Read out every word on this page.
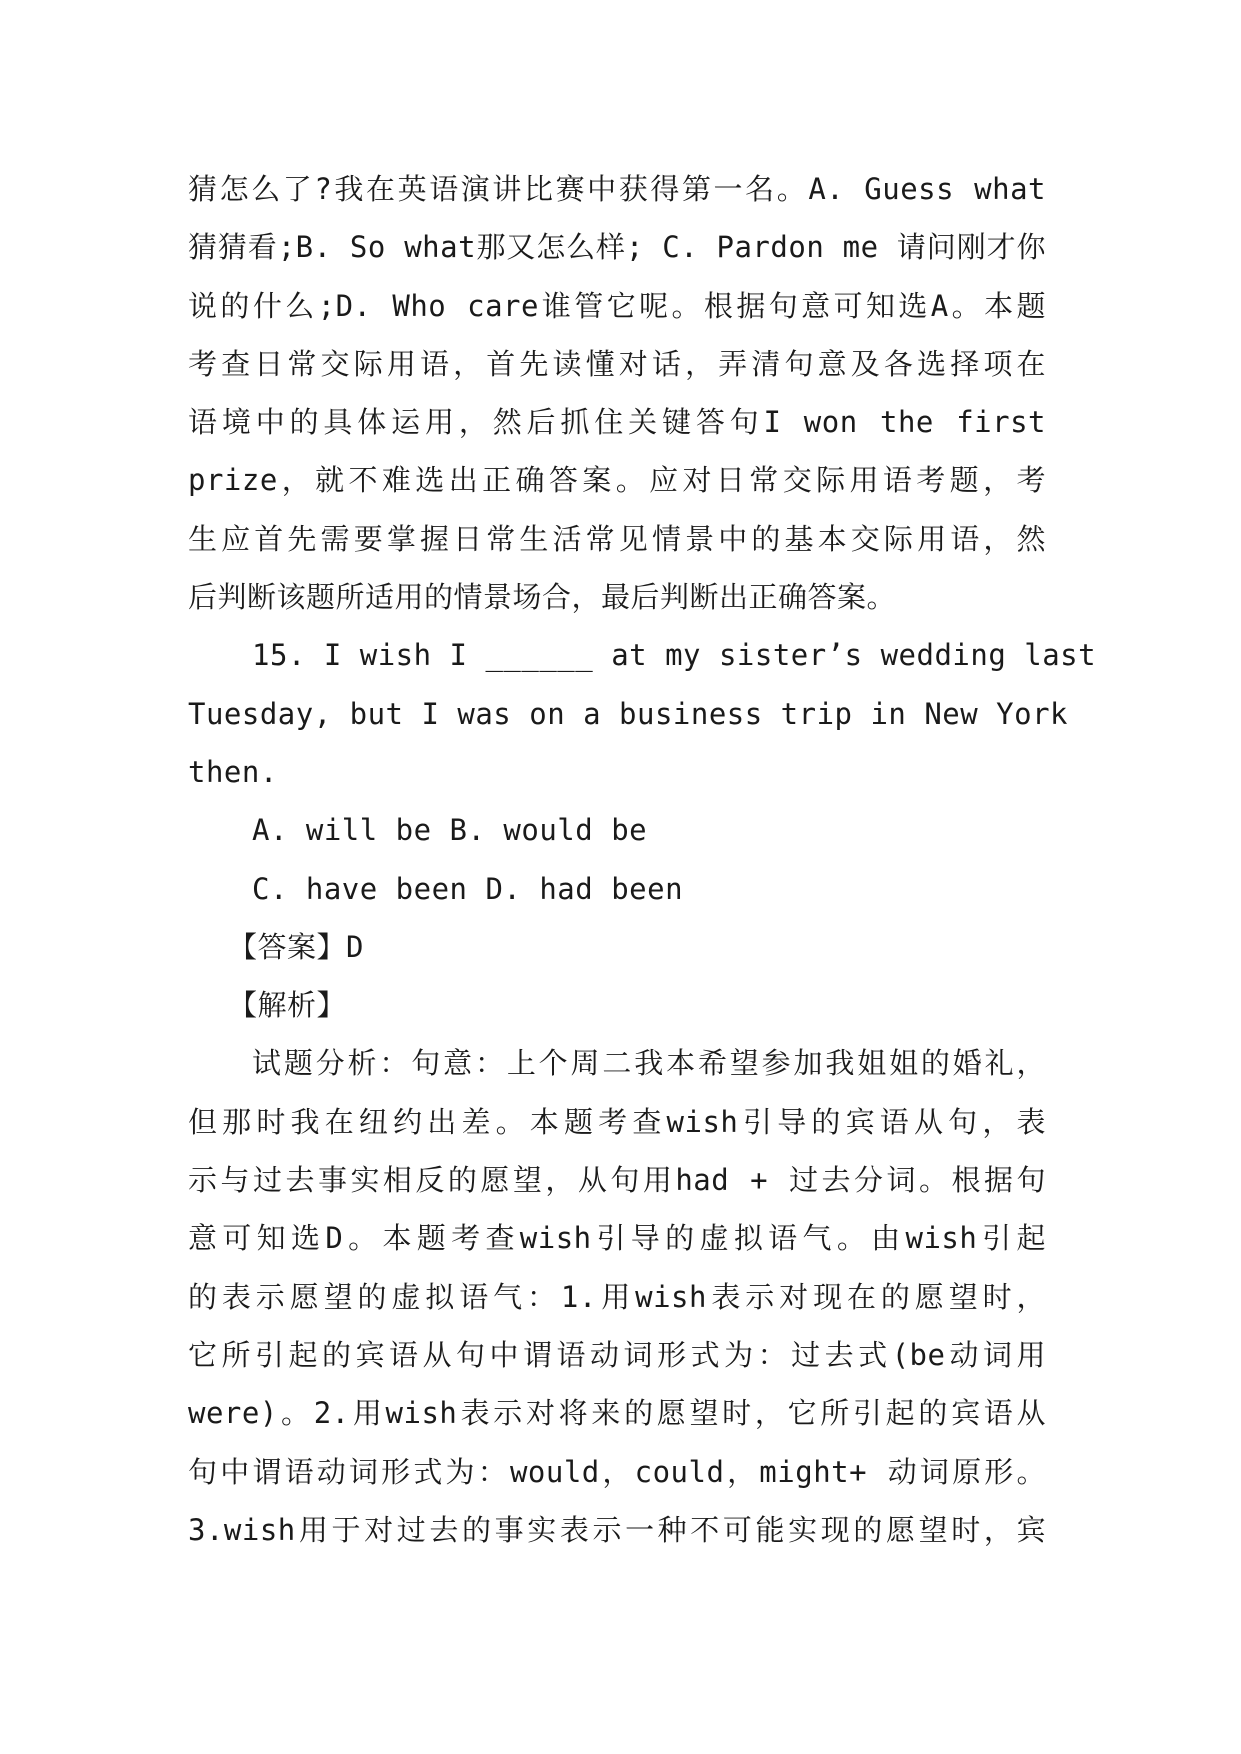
猜怎么了?我在英语演讲比赛中获得第一名。A. Guess what
猜猜看;B. So what那又怎么样; C. Pardon me 请问刚才你
说的什么;D. Who care谁管它呢。根据句意可知选A。本题
考查日常交际用语，首先读懂对话，弄清句意及各选择项在
语境中的具体运用，然后抓住关键答句I won the first
prize，就不难选出正确答案。应对日常交际用语考题，考
生应首先需要掌握日常生活常见情景中的基本交际用语，然
后判断该题所适用的情景场合，最后判断出正确答案。
15. I wish I ______ at my sister’s wedding last
Tuesday, but I was on a business trip in New York
then.
A. will be B. would be
C. have been D. had been
【答案】D
【解析】
试题分析：句意：上个周二我本希望参加我姐姐的婚礼，
但那时我在纽约出差。本题考查wish引导的宾语从句，表
示与过去事实相反的愿望，从句用had + 过去分词。根据句
意可知选D。本题考查wish引导的虚拟语气。由wish引起
的表示愿望的虚拟语气：1.用wish表示对现在的愿望时，
它所引起的宾语从句中谓语动词形式为：过去式(be动词用
were)。2.用wish表示对将来的愿望时，它所引起的宾语从
句中谓语动词形式为：would，could，might+ 动词原形。
3.wish用于对过去的事实表示一种不可能实现的愿望时，宾
